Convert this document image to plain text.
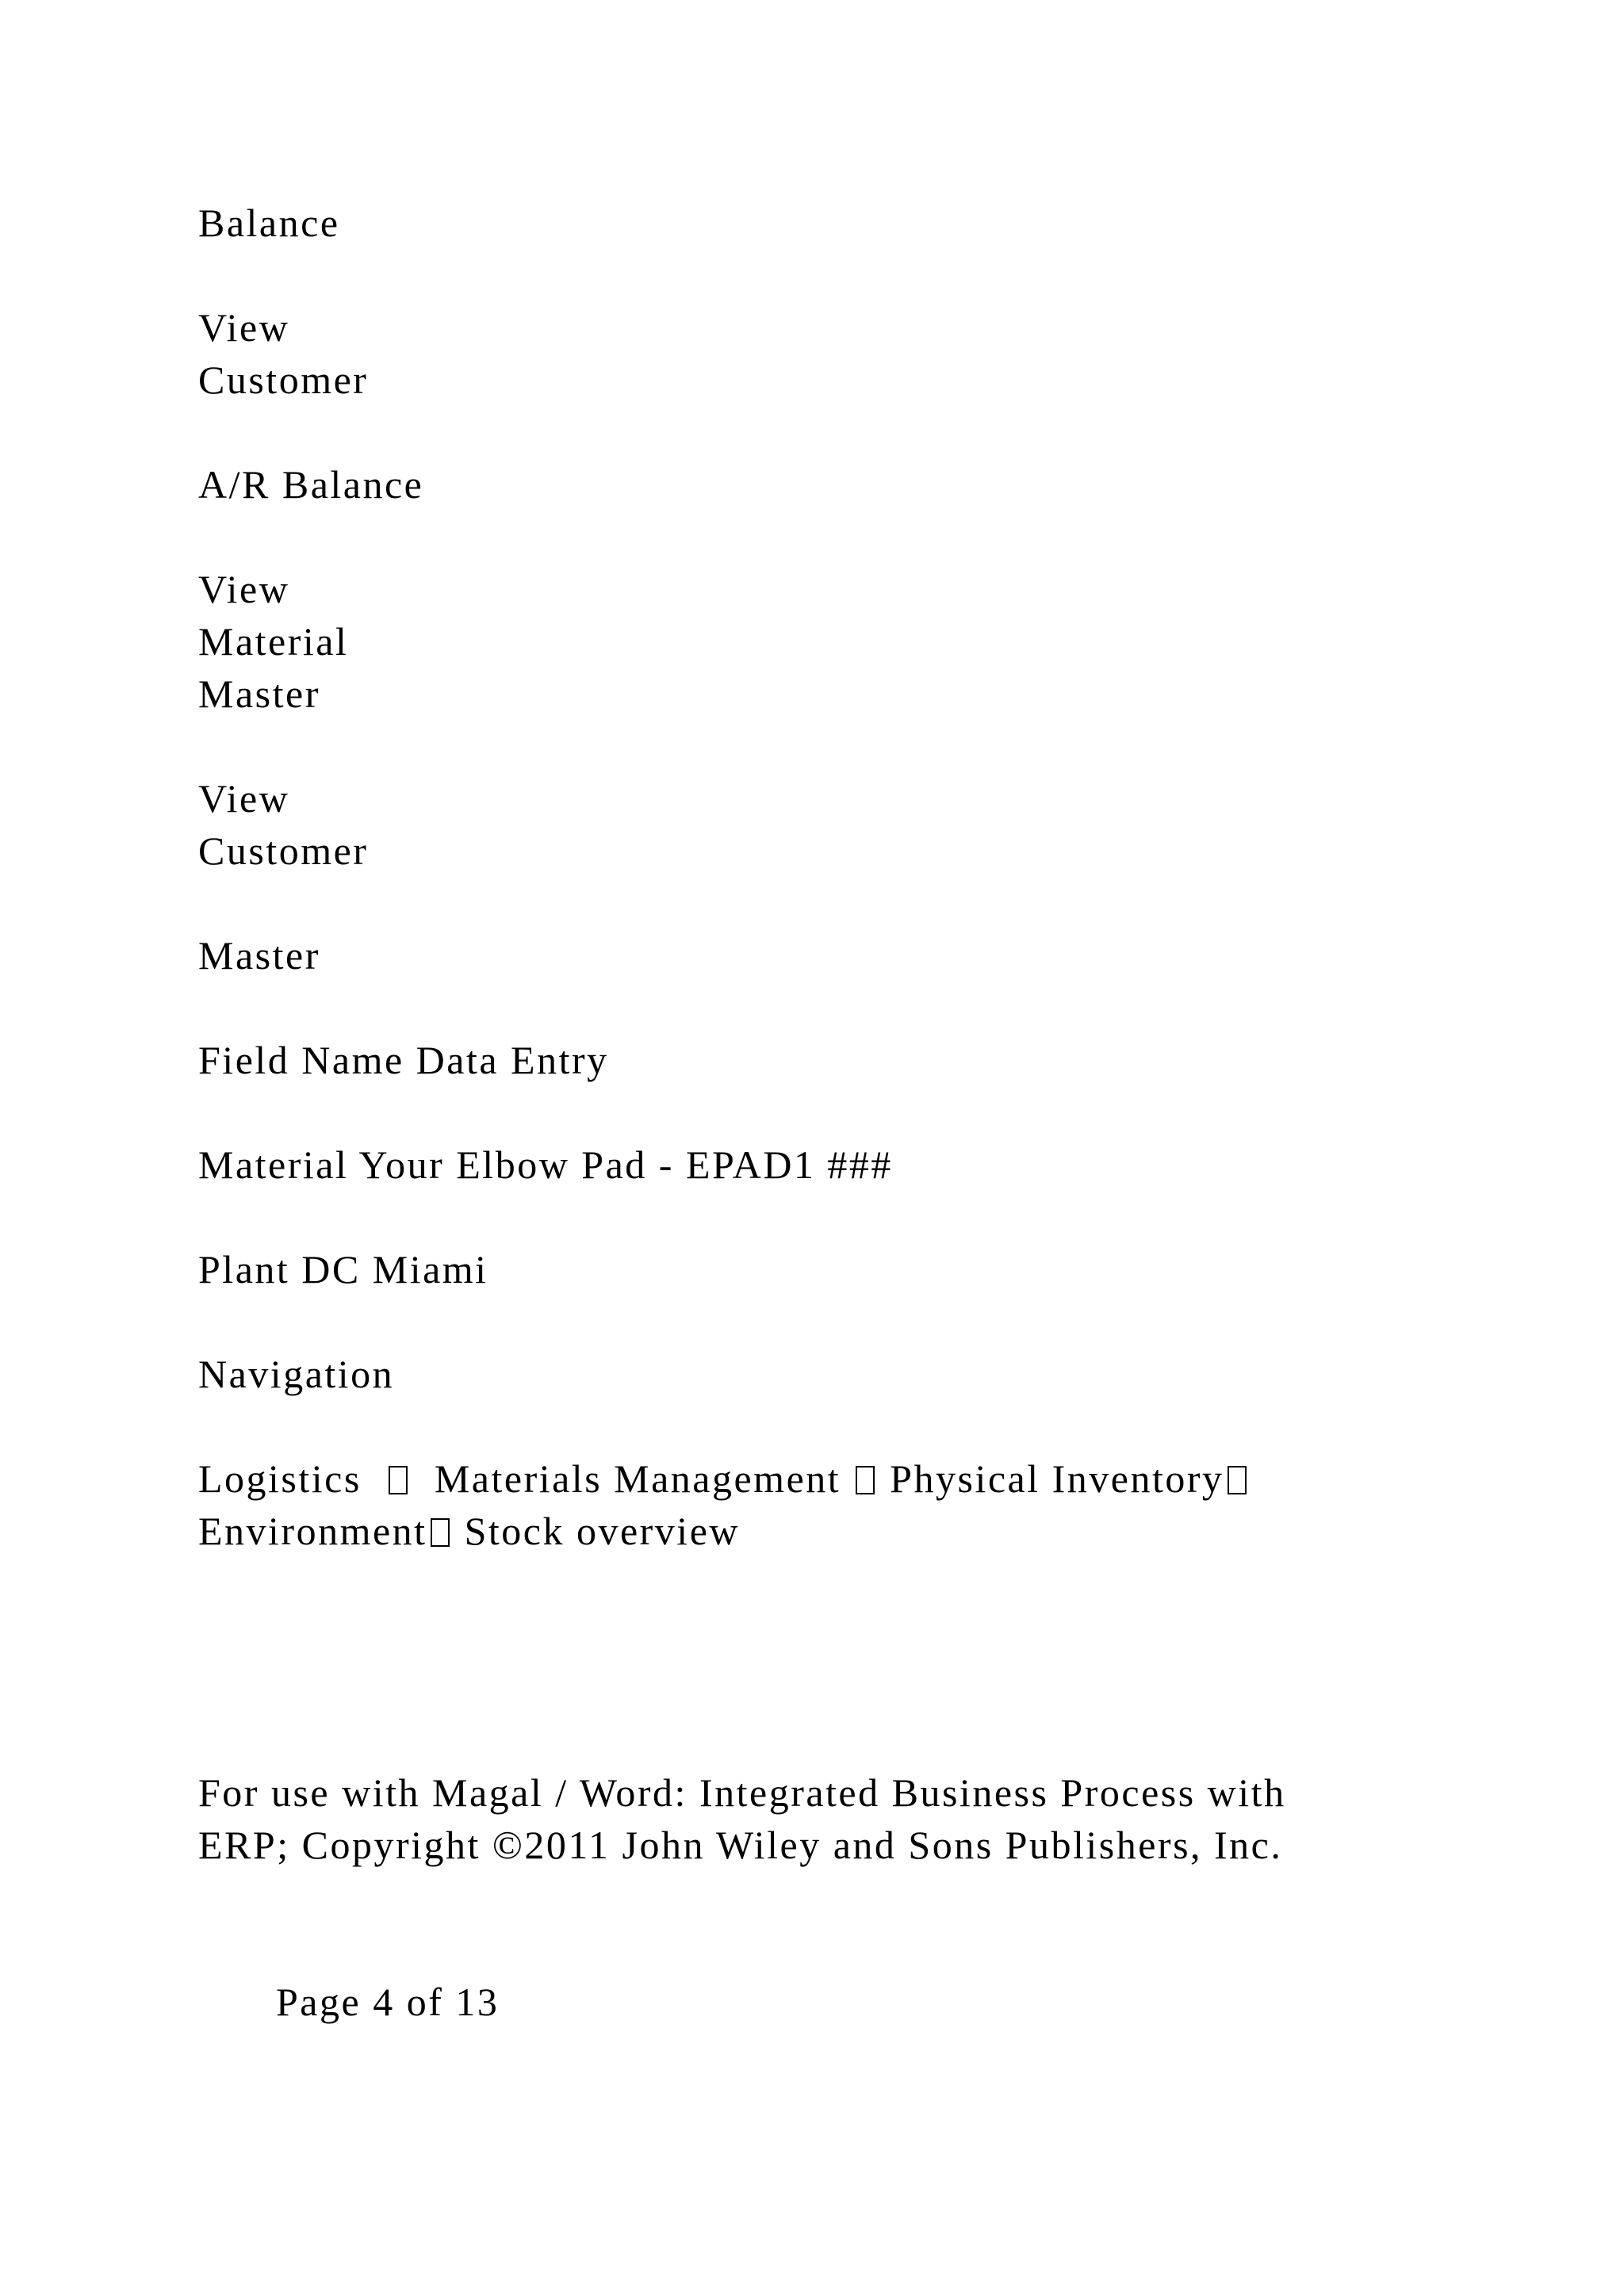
Balance
View
Customer
A/R Balance
View
Material
Master
View
Customer
Master
Field Name Data Entry
Material Your Elbow Pad - EPAD1 ###
Plant DC Miami
Navigation
Logistics Materials Management Physical Inventory
Environment Stock overview
For use with Magal / Word: Integrated Business Process with
ERP; Copyright ©2011 John Wiley and Sons Publishers, Inc.
Page 4 of 13
